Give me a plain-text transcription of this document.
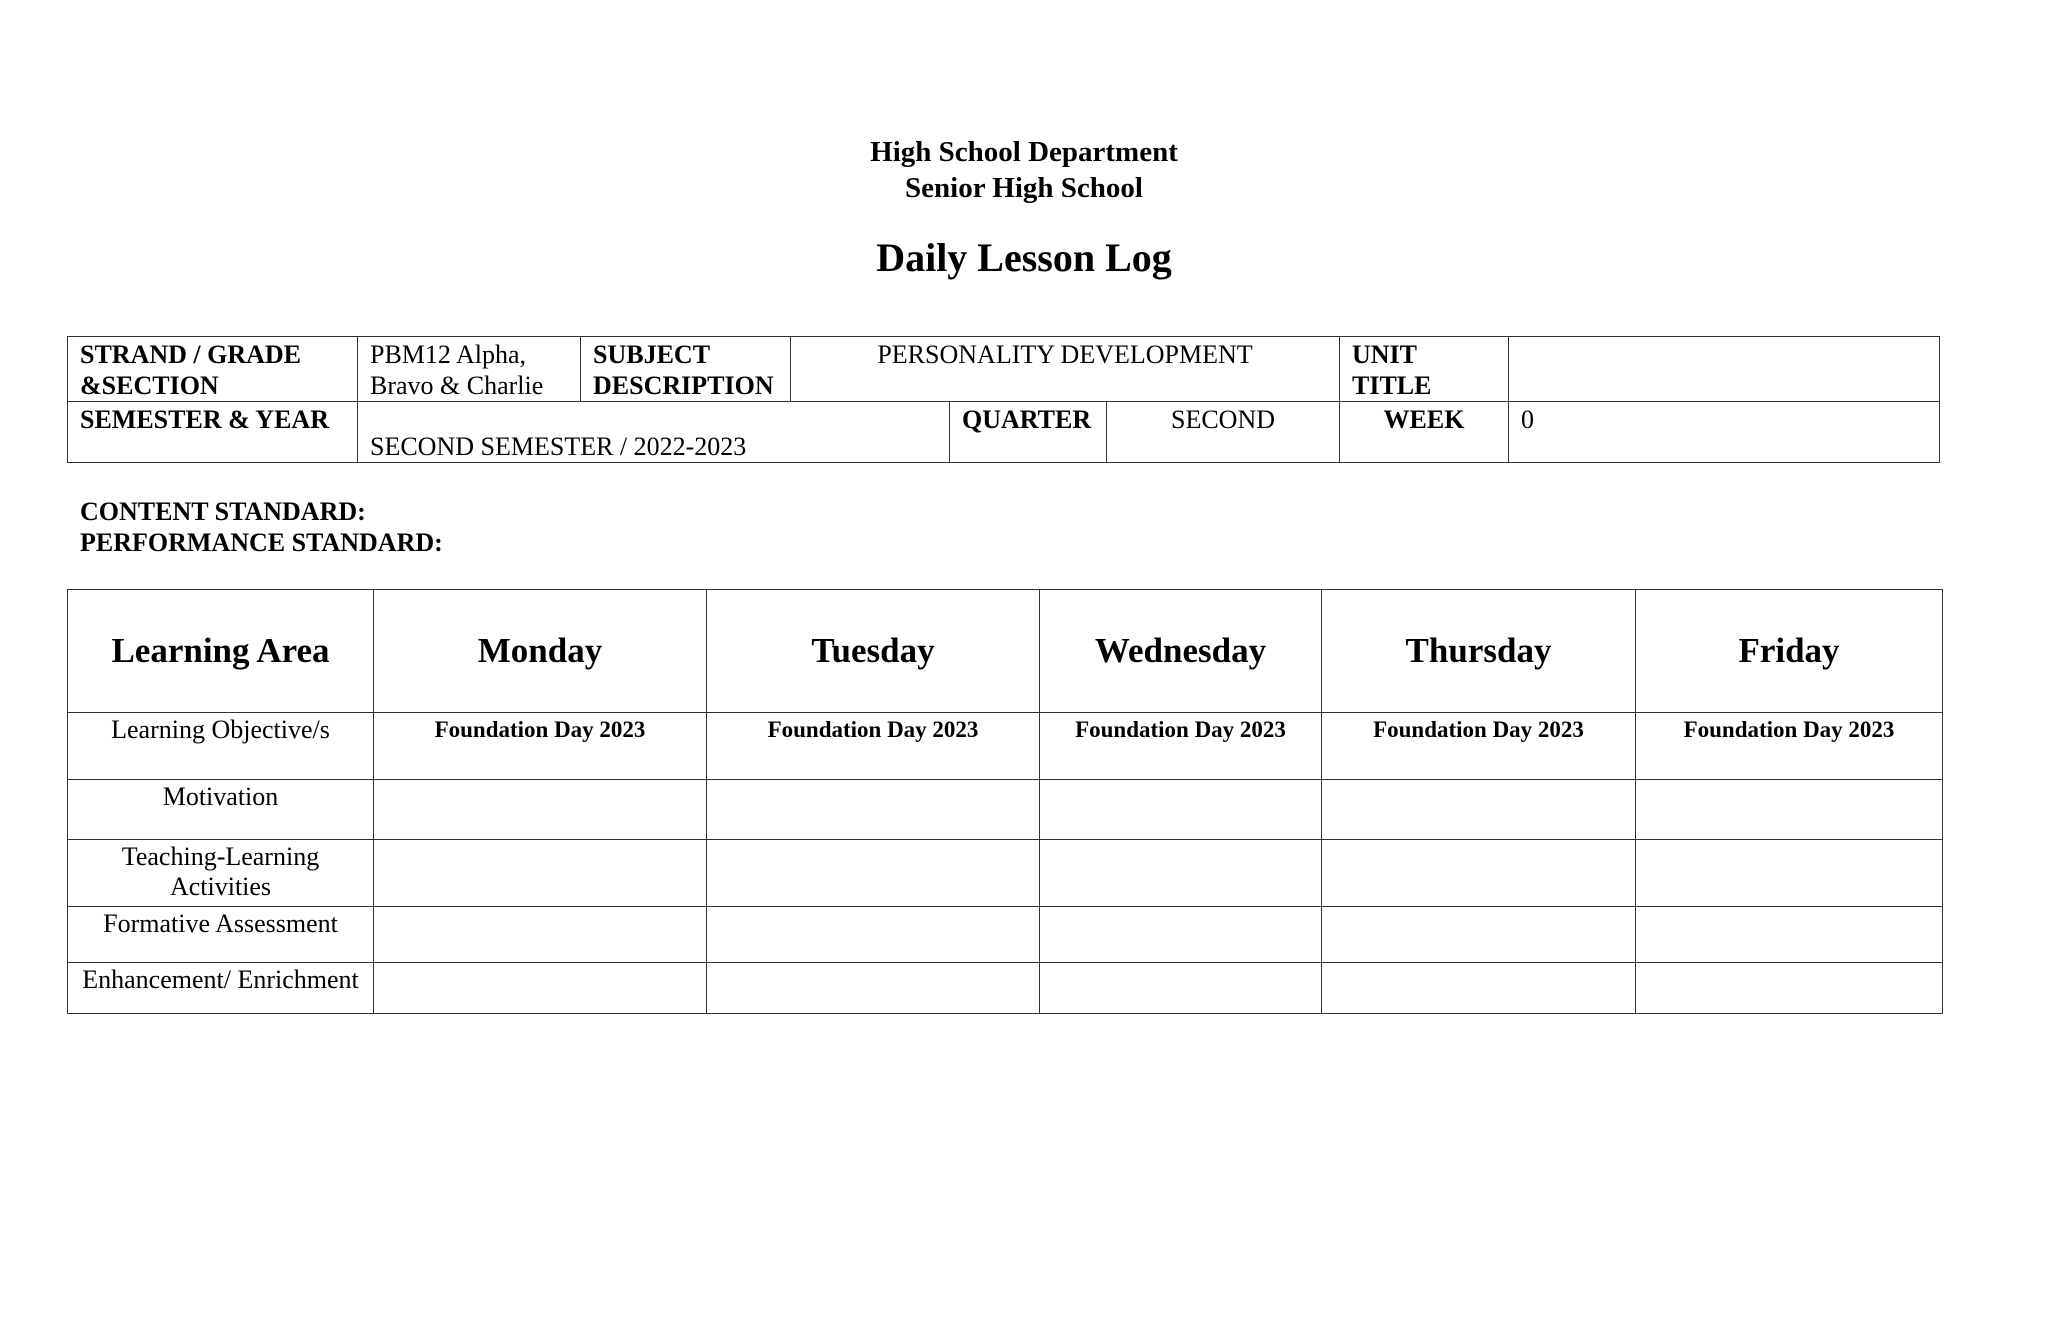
High School Department
Senior High School
Daily Lesson Log
STRAND / GRADE &SECTION	PBM12 Alpha, Bravo & Charlie	SUBJECT DESCRIPTION	PERSONALITY DEVELOPMENT			UNIT TITLE	
SEMESTER & YEAR	SECOND SEMESTER / 2022-2023			QUARTER	SECOND	WEEK	0
CONTENT STANDARD:
PERFORMANCE STANDARD:
Learning Area	Monday	Tuesday	Wednesday	Thursday	Friday
Learning Objective/s	Foundation Day 2023	Foundation Day 2023	Foundation Day 2023	Foundation Day 2023	Foundation Day 2023
Motivation					
Teaching-Learning Activities					
Formative Assessment					
Enhancement/ Enrichment					
